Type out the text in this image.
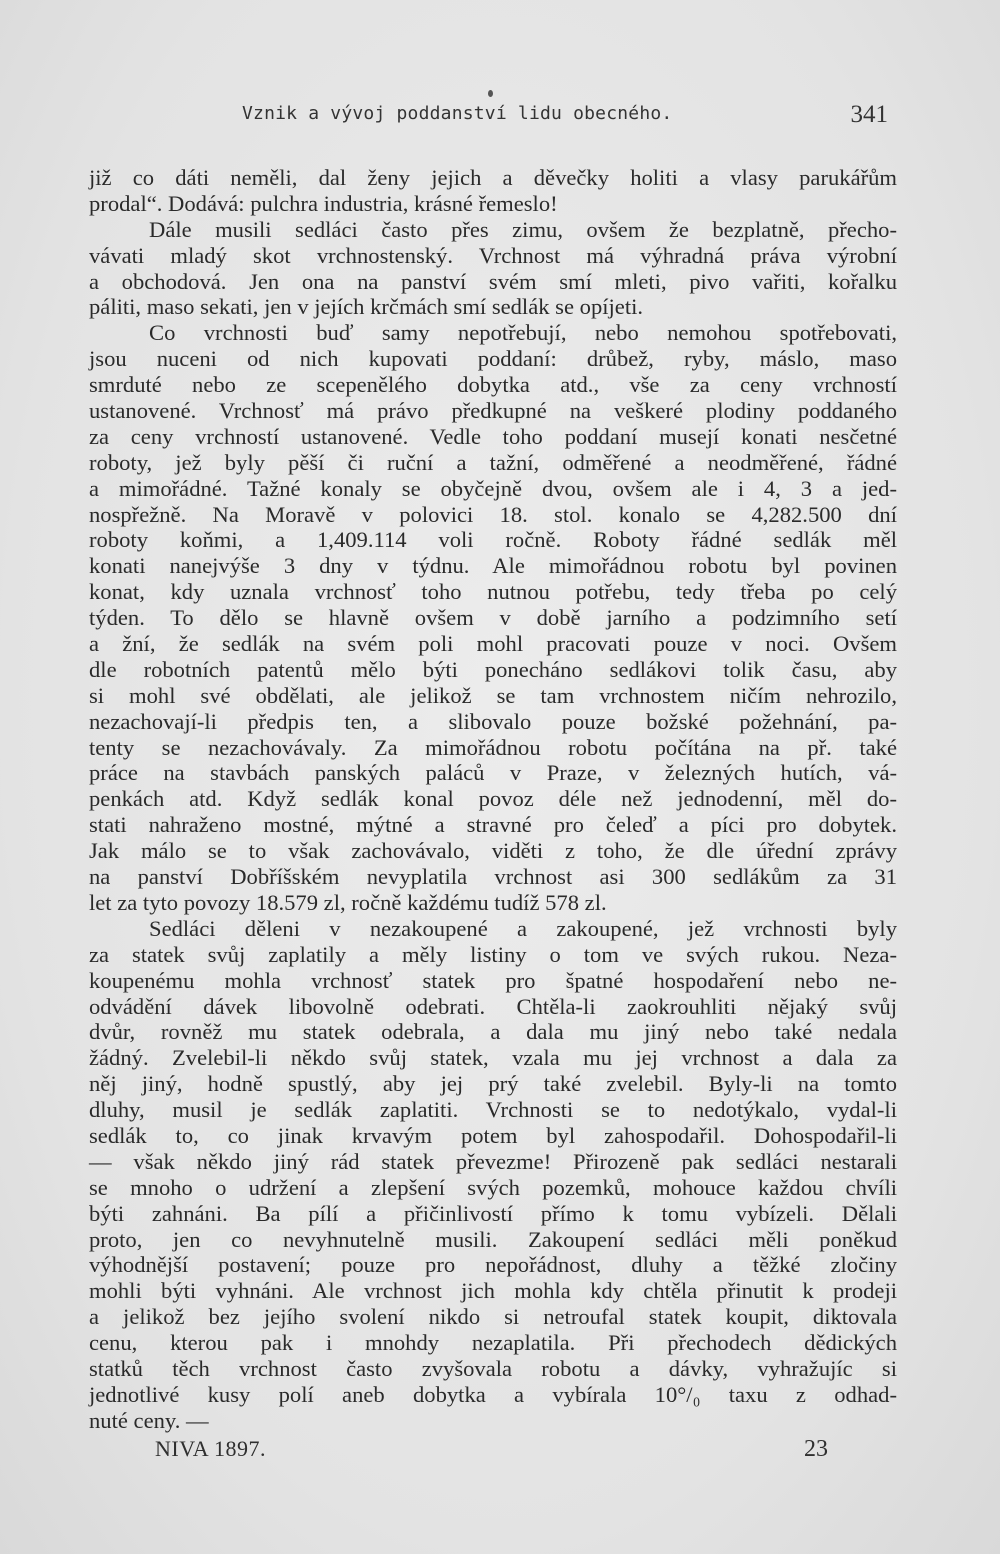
Vznik a vývoj poddanství lidu obecného.	341
již co dáti neměli, dal ženy jejich a děvečky holiti a vlasy parukářům
prodal“. Dodává: pulchra industria, krásné řemeslo!
Dále musili sedláci často přes zimu, ovšem že bezplatně, přecho-
vávati mladý skot vrchnostenský. Vrchnost má výhradná práva výrobní
a obchodová. Jen ona na panství svém smí mleti, pivo vařiti, kořalku
páliti, maso sekati, jen v jejích krčmách smí sedlák se opíjeti.
Co vrchnosti buď samy nepotřebují, nebo nemohou spotřebovati,
jsou nuceni od nich kupovati poddaní: drůbež, ryby, máslo, maso
smrduté nebo ze scepenělého dobytka atd., vše za ceny vrchností
ustanovené. Vrchnosť má právo předkupné na veškeré plodiny poddaného
za ceny vrchností ustanovené. Vedle toho poddaní musejí konati nesčetné
roboty, jež byly pěší či ruční a tažní, odměřené a neodměřené, řádné
a mimořádné. Tažné konaly se obyčejně dvou, ovšem ale i 4, 3 a jed-
nospřežně. Na Moravě v polovici 18. stol. konalo se 4,282.500 dní
roboty koňmi, a 1,409.114 voli ročně. Roboty řádné sedlák měl
konati nanejvýše 3 dny v týdnu. Ale mimořádnou robotu byl povinen
konat, kdy uznala vrchnosť toho nutnou potřebu, tedy třeba po celý
týden. To dělo se hlavně ovšem v době jarního a podzimního setí
a žní, že sedlák na svém poli mohl pracovati pouze v noci. Ovšem
dle robotních patentů mělo býti ponecháno sedlákovi tolik času, aby
si mohl své obdělati, ale jelikož se tam vrchnostem ničím nehrozilo,
nezachovají-li předpis ten, a slibovalo pouze božské požehnání, pa-
tenty se nezachovávaly. Za mimořádnou robotu počítána na př. také
práce na stavbách panských paláců v Praze, v železných hutích, vá-
penkách atd. Když sedlák konal povoz déle než jednodenní, měl do-
stati nahraženo mostné, mýtné a stravné pro čeleď a píci pro dobytek.
Jak málo se to však zachovávalo, viděti z toho, že dle úřední zprávy
na panství Dobříšském nevyplatila vrchnost asi 300 sedlákům za 31
let za tyto povozy 18.579 zl, ročně každému tudíž 578 zl.
Sedláci děleni v nezakoupené a zakoupené, jež vrchnosti byly
za statek svůj zaplatily a měly listiny o tom ve svých rukou. Neza-
koupenému mohla vrchnosť statek pro špatné hospodaření nebo ne-
odvádění dávek libovolně odebrati. Chtěla-li zaokrouhliti nějaký svůj
dvůr, rovněž mu statek odebrala, a dala mu jiný nebo také nedala
žádný. Zvelebil-li někdo svůj statek, vzala mu jej vrchnost a dala za
něj jiný, hodně spustlý, aby jej prý také zvelebil. Byly-li na tomto
dluhy, musil je sedlák zaplatiti. Vrchnosti se to nedotýkalo, vydal-li
sedlák to, co jinak krvavým potem byl zahospodařil. Dohospodařil-li
— však někdo jiný rád statek převezme! Přirozeně pak sedláci nestarali
se mnoho o udržení a zlepšení svých pozemků, mohouce každou chvíli
býti zahnáni. Ba pílí a přičinlivostí přímo k tomu vybízeli. Dělali
proto, jen co nevyhnutelně musili. Zakoupení sedláci měli poněkud
výhodnější postavení; pouze pro nepořádnost, dluhy a těžké zločiny
mohli býti vyhnáni. Ale vrchnost jich mohla kdy chtěla přinutit k prodeji
a jelikož bez jejího svolení nikdo si netroufal statek koupit, diktovala
cenu, kterou pak i mnohdy nezaplatila. Při přechodech dědických
statků těch vrchnost často zvyšovala robotu a dávky, vyhražujíc si
jednotlivé kusy polí aneb dobytka a vybírala 10°/₀ taxu z odhad-
nuté ceny. —
NIVA 1897.	23
